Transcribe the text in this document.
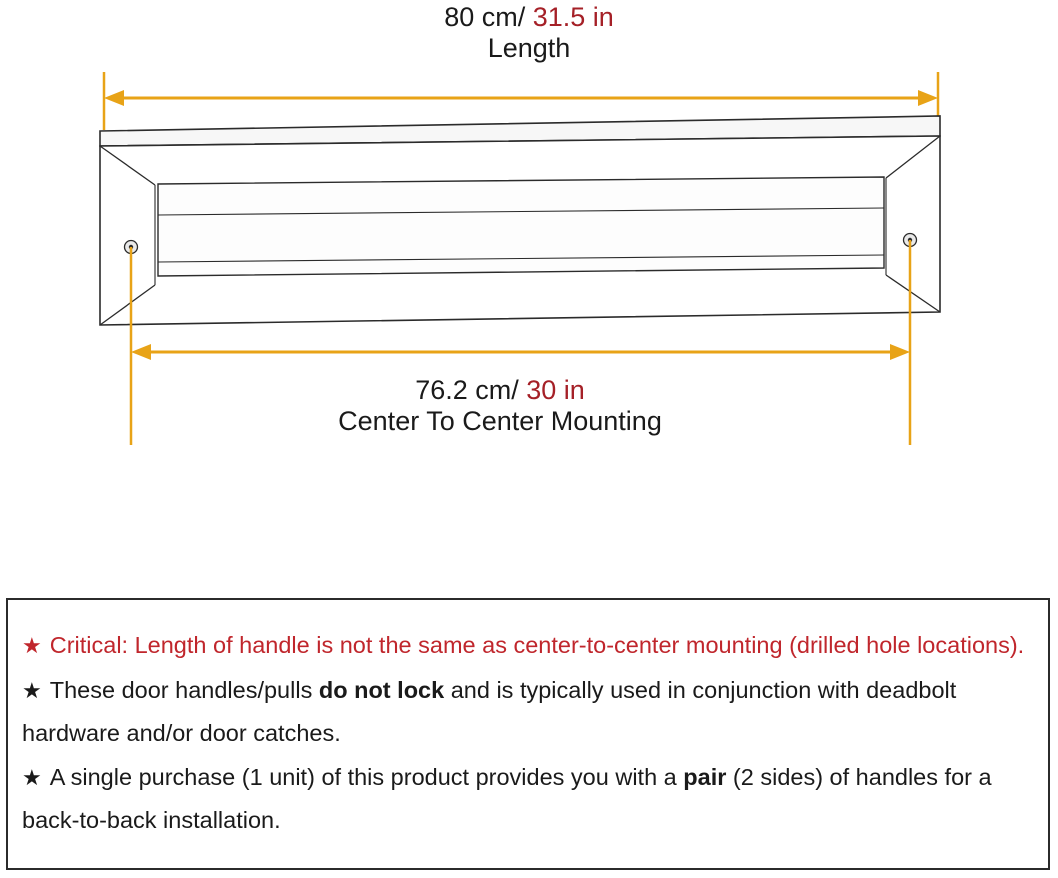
80 cm/ 31.5 in
Length
76.2 cm/ 30 in
Center To Center Mounting
★ Critical: Length of handle is not the same as center-to-center mounting (drilled hole locations).
★ These door handles/pulls do not lock and is typically used in conjunction with deadbolt hardware and/or door catches.
★ A single purchase (1 unit) of this product provides you with a pair (2 sides) of handles for a back-to-back installation.
